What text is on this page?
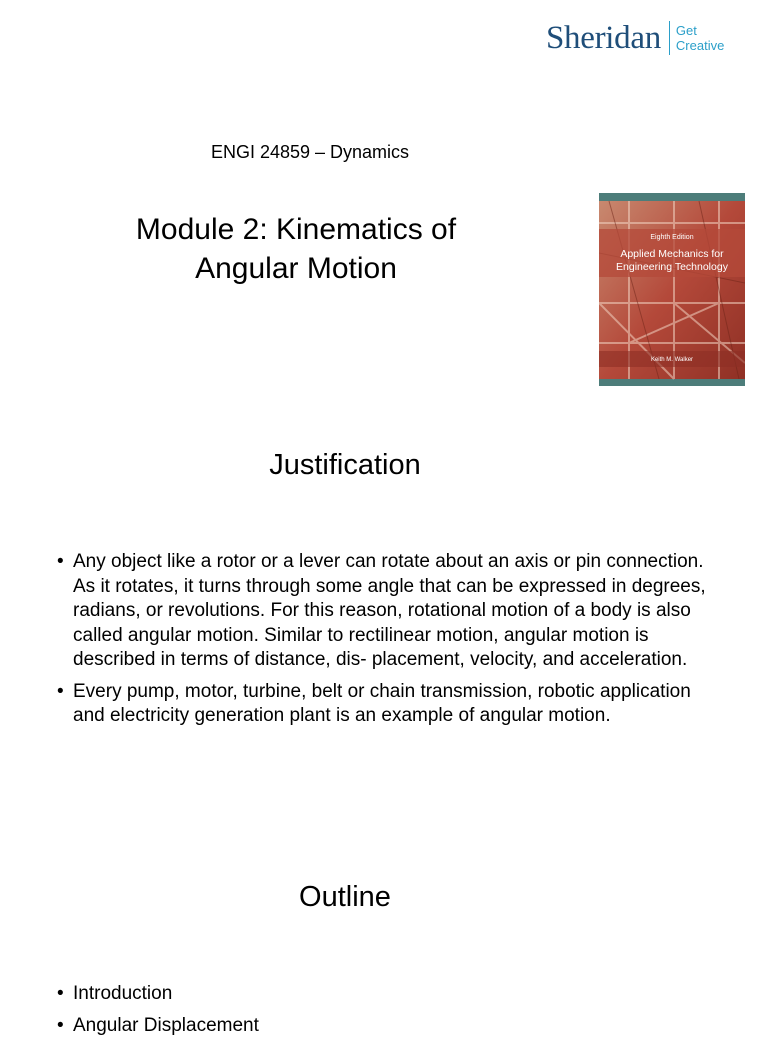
Sheridan Get
Creative
ENGI 24859 – Dynamics
Module 2: Kinematics of
Angular Motion
Eighth Edition
Applied Mechanics for
Engineering Technology
Keith M. Walker
Justification
• Any object like a rotor or a lever can rotate about an axis or pin connection. As it rotates, it turns through some angle that can be expressed in degrees, radians, or revolutions. For this reason, rotational motion of a body is also called angular motion. Similar to rectilinear motion, angular motion is described in terms of distance, dis- placement, velocity, and acceleration.
• Every pump, motor, turbine, belt or chain transmission, robotic application and electricity generation plant is an example of angular motion.
Outline
• Introduction
• Angular Displacement
